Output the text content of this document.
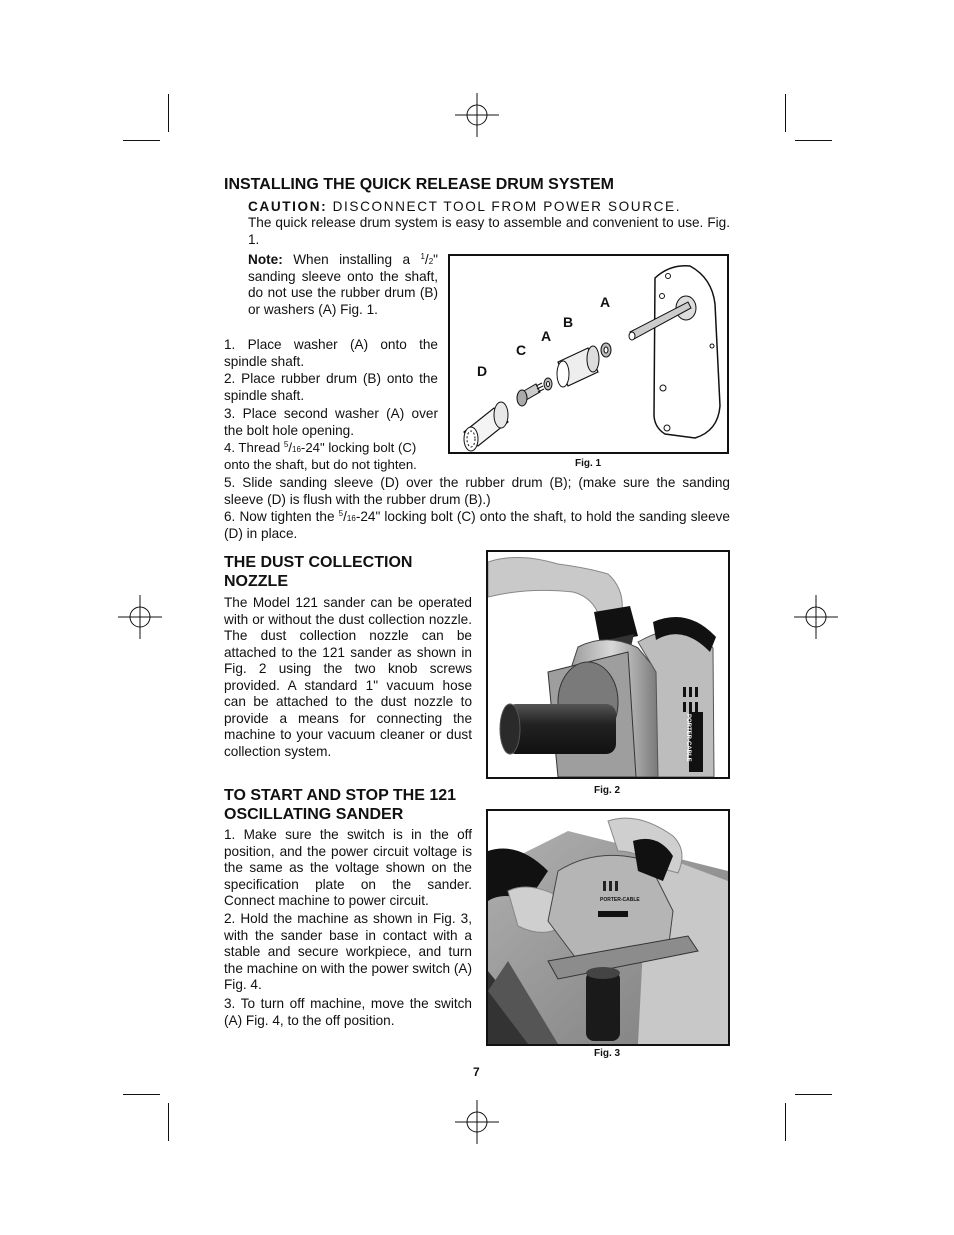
INSTALLING THE QUICK RELEASE DRUM SYSTEM

CAUTION: DISCONNECT TOOL FROM POWER SOURCE.

The quick release drum system is easy to assemble and convenient to use. Fig. 1.

Note: When installing a $^1$/2" sanding sleeve onto the shaft, do not use the rubber drum (B) or washers (A) Fig. 1.

1. Place washer (A) onto the spindle shaft.

2. Place rubber drum (B) onto the spindle shaft.

3. Place second washer (A) over the bolt hole opening.

4. Thread $^5$/16-24" locking bolt (C) onto the shaft, but do not tighten.

5. Slide sanding sleeve (D) over the rubber drum (B); (make sure the sanding sleeve (D) is flush with the rubber drum (B).)

6. Now tighten the $^5$/16-24" locking bolt (C) onto the shaft, to hold the sanding sleeve (D) in place.

A
B
A
C
D
Fig. 1
THE DUST COLLECTION
NOZZLE

The Model 121 sander can be operated with or without the dust collection nozzle. The dust collection nozzle can be attached to the 121 sander as shown in Fig. 2 using the two knob screws provided. A standard 1" vacuum hose can be attached to the dust nozzle to provide a means for connecting the machine to your vacuum cleaner or dust collection system.	PORTER-CABLE
Fig. 2
TO START AND STOP THE 121
OSCILLATING SANDER

1. Make sure the switch is in the off position, and the power circuit voltage is the same as the voltage shown on the specification plate on the sander. Connect machine to power circuit.

2. Hold the machine as shown in Fig. 3, with the sander base in contact with a stable and secure workpiece, and turn the machine on with the power switch (A) Fig. 4.

3. To turn off machine, move the switch (A) Fig. 4, to the off position.

PORTER-CABLE
Fig. 3
7
